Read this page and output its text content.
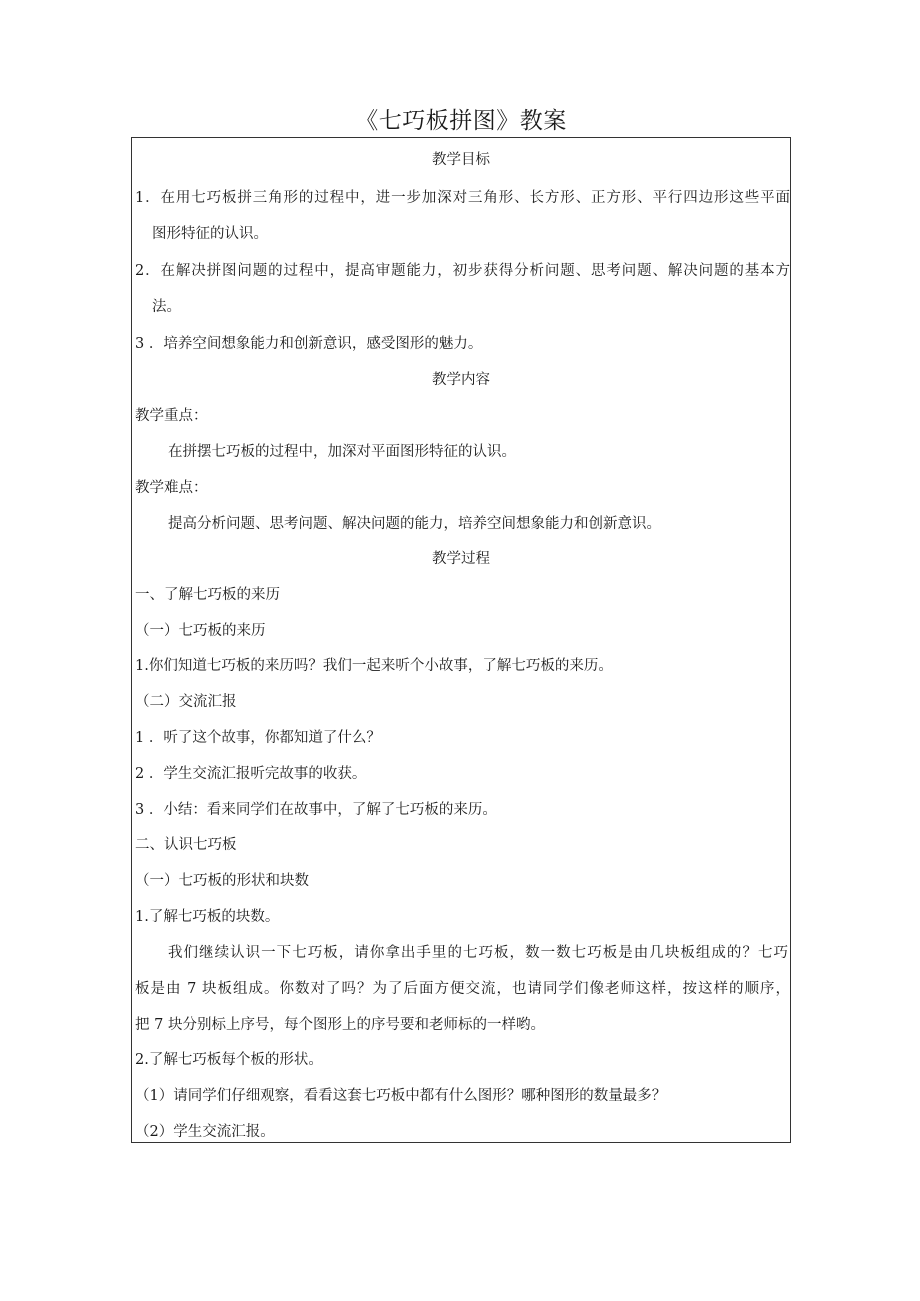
《七巧板拼图》教案

教学目标

1．在用七巧板拼三角形的过程中，进一步加深对三角形、长方形、正方形、平行四边形这些平面

图形特征的认识。

2．在解决拼图问题的过程中，提高审题能力，初步获得分析问题、思考问题、解决问题的基本方

法。

3 ．培养空间想象能力和创新意识，感受图形的魅力。

教学内容

教学重点：

在拼摆七巧板的过程中，加深对平面图形特征的认识。

教学难点：

提高分析问题、思考问题、解决问题的能力，培养空间想象能力和创新意识。

教学过程

一、了解七巧板的来历

（一）七巧板的来历

1.你们知道七巧板的来历吗？我们一起来听个小故事，了解七巧板的来历。

（二）交流汇报

1 ．听了这个故事，你都知道了什么？

2 ．学生交流汇报听完故事的收获。

3 ．小结：看来同学们在故事中，了解了七巧板的来历。

二、认识七巧板

（一）七巧板的形状和块数

1.了解七巧板的块数。

我们继续认识一下七巧板，请你拿出手里的七巧板，数一数七巧板是由几块板组成的？七巧

板是由 7 块板组成。你数对了吗？为了后面方便交流，也请同学们像老师这样，按这样的顺序，

把 7 块分别标上序号，每个图形上的序号要和老师标的一样哟。

2.了解七巧板每个板的形状。

（1）请同学们仔细观察，看看这套七巧板中都有什么图形？哪种图形的数量最多？

（2）学生交流汇报。
